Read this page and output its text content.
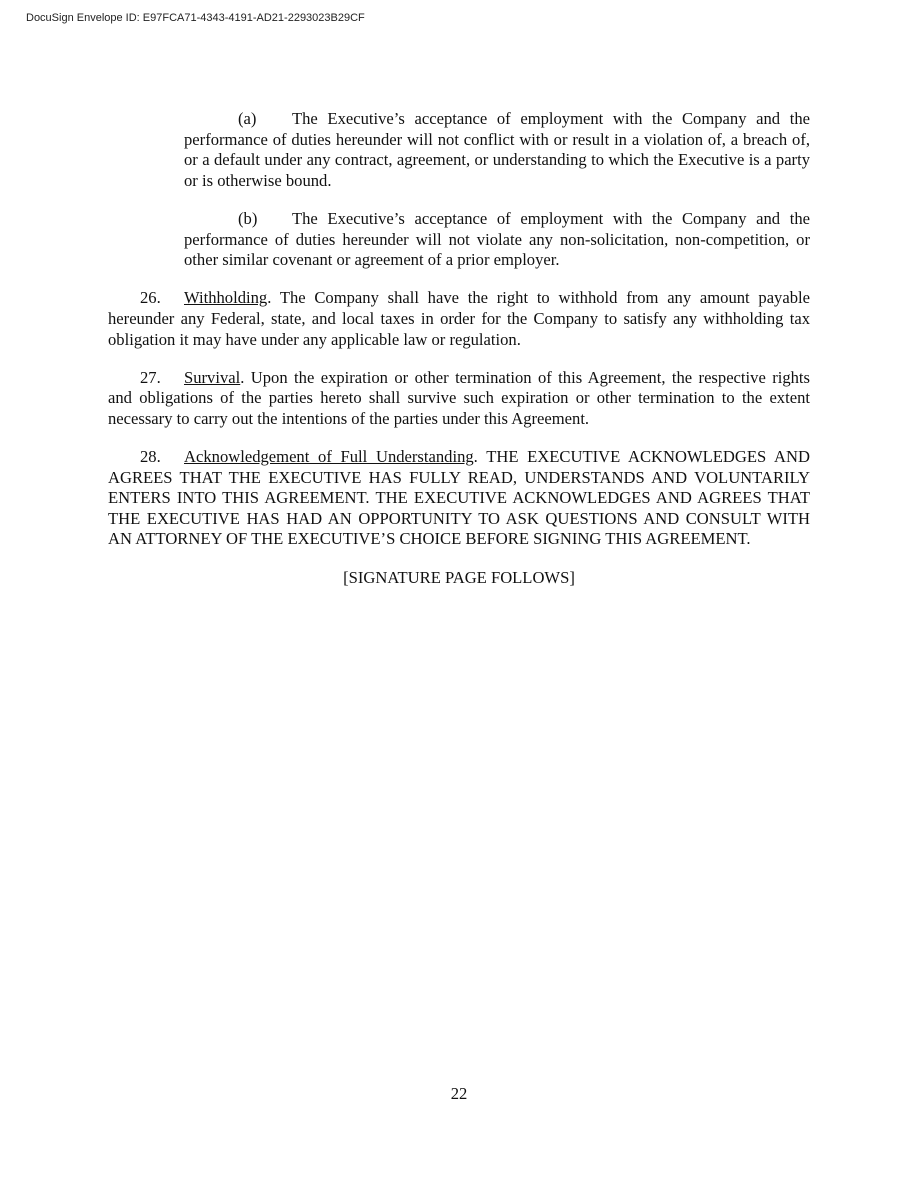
DocuSign Envelope ID: E97FCA71-4343-4191-AD21-2293023B29CF

(a) The Executive’s acceptance of employment with the Company and the performance of duties hereunder will not conflict with or result in a violation of, a breach of, or a default under any contract, agreement, or understanding to which the Executive is a party or is otherwise bound.

(b) The Executive’s acceptance of employment with the Company and the performance of duties hereunder will not violate any non-solicitation, non-competition, or other similar covenant or agreement of a prior employer.

26. Withholding. The Company shall have the right to withhold from any amount payable hereunder any Federal, state, and local taxes in order for the Company to satisfy any withholding tax obligation it may have under any applicable law or regulation.

27. Survival. Upon the expiration or other termination of this Agreement, the respective rights and obligations of the parties hereto shall survive such expiration or other termination to the extent necessary to carry out the intentions of the parties under this Agreement.

28. Acknowledgement of Full Understanding. THE EXECUTIVE ACKNOWLEDGES AND AGREES THAT THE EXECUTIVE HAS FULLY READ, UNDERSTANDS AND VOLUNTARILY ENTERS INTO THIS AGREEMENT. THE EXECUTIVE ACKNOWLEDGES AND AGREES THAT THE EXECUTIVE HAS HAD AN OPPORTUNITY TO ASK QUESTIONS AND CONSULT WITH AN ATTORNEY OF THE EXECUTIVE’S CHOICE BEFORE SIGNING THIS AGREEMENT.

[SIGNATURE PAGE FOLLOWS]

22
